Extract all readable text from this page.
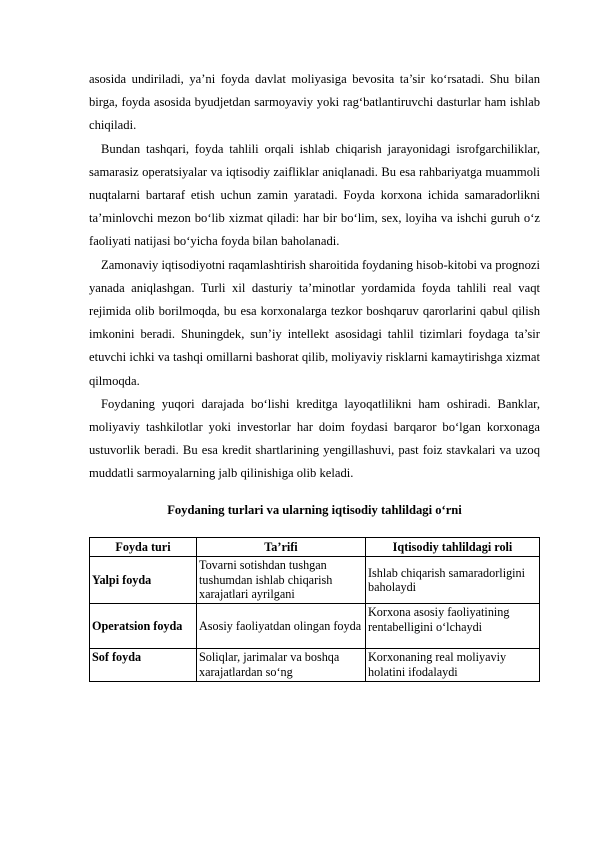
asosida undiriladi, ya’ni foyda davlat moliyasiga bevosita ta’sir ko‘rsatadi. Shu bilan birga, foyda asosida byudjetdan sarmoyaviy yoki rag‘batlantiruvchi dasturlar ham ishlab chiqiladi.

Bundan tashqari, foyda tahlili orqali ishlab chiqarish jarayonidagi isrofgarchiliklar, samarasiz operatsiyalar va iqtisodiy zaifliklar aniqlanadi. Bu esa rahbariyatga muammoli nuqtalarni bartaraf etish uchun zamin yaratadi. Foyda korxona ichida samaradorlikni ta’minlovchi mezon bo‘lib xizmat qiladi: har bir bo‘lim, sex, loyiha va ishchi guruh o‘z faoliyati natijasi bo‘yicha foyda bilan baholanadi.

Zamonaviy iqtisodiyotni raqamlashtirish sharoitida foydaning hisob-kitobi va prognozi yanada aniqlashgan. Turli xil dasturiy ta’minotlar yordamida foyda tahlili real vaqt rejimida olib borilmoqda, bu esa korxonalarga tezkor boshqaruv qarorlarini qabul qilish imkonini beradi. Shuningdek, sun’iy intellekt asosidagi tahlil tizimlari foydaga ta’sir etuvchi ichki va tashqi omillarni bashorat qilib, moliyaviy risklarni kamaytirishga xizmat qilmoqda.

Foydaning yuqori darajada bo‘lishi kreditga layoqatlilikni ham oshiradi. Banklar, moliyaviy tashkilotlar yoki investorlar har doim foydasi barqaror bo‘lgan korxonaga ustuvorlik beradi. Bu esa kredit shartlarining yengillashuvi, past foiz stavkalari va uzoq muddatli sarmoyalarning jalb qilinishiga olib keladi.

Foydaning turlari va ularning iqtisodiy tahlildagi o‘rni
Foyda turi	Ta’rifi	Iqtisodiy tahlildagi roli
Yalpi foyda	Tovarni sotishdan tushgan tushumdan ishlab chiqarish xarajatlari ayrilgani	Ishlab chiqarish samaradorligini baholaydi
Operatsion foyda	Asosiy faoliyatdan olingan foyda	Korxona asosiy faoliyatining rentabelligini o‘lchaydi
Sof foyda	Soliqlar, jarimalar va boshqa xarajatlardan so‘ng	Korxonaning real moliyaviy holatini ifodalaydi
